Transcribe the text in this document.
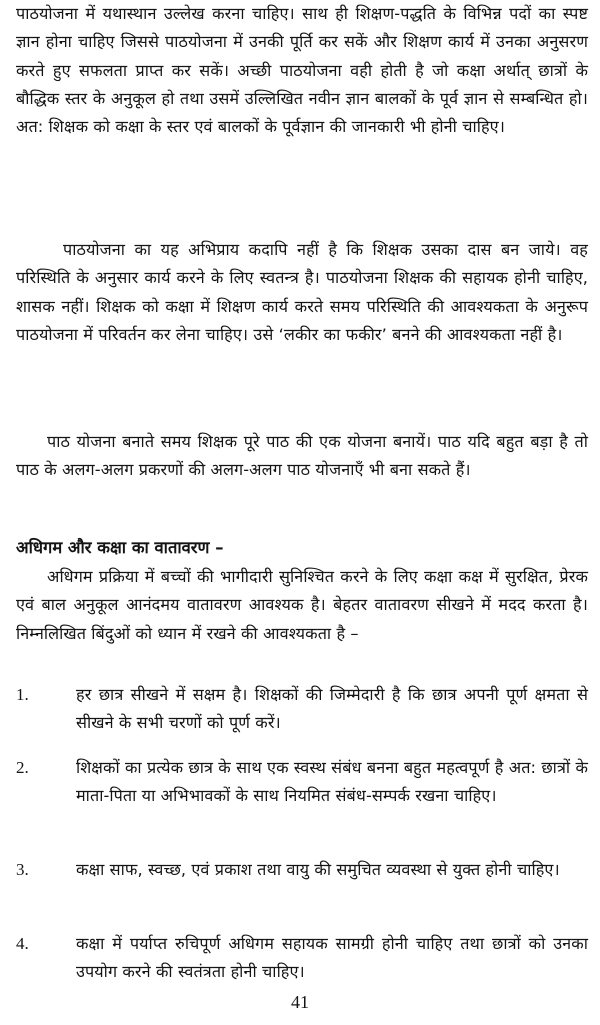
पाठयोजना में यथास्थान उल्लेख करना चाहिए। साथ ही शिक्षण-पद्धति के विभिन्न पदों का स्पष्ट ज्ञान होना चाहिए जिससे पाठयोजना में उनकी पूर्ति कर सकें और शिक्षण कार्य में उनका अनुसरण करते हुए सफलता प्राप्त कर सकें। अच्छी पाठयोजना वही होती है जो कक्षा अर्थात् छात्रों के बौद्धिक स्तर के अनुकूल हो तथा उसमें उल्लिखित नवीन ज्ञान बालकों के पूर्व ज्ञान से सम्बन्धित हो। अत: शिक्षक को कक्षा के स्तर एवं बालकों के पूर्वज्ञान की जानकारी भी होनी चाहिए।

पाठयोजना का यह अभिप्राय कदापि नहीं है कि शिक्षक उसका दास बन जाये। वह परिस्थिति के अनुसार कार्य करने के लिए स्वतन्त्र है। पाठयोजना शिक्षक की सहायक होनी चाहिए, शासक नहीं। शिक्षक को कक्षा में शिक्षण कार्य करते समय परिस्थिति की आवश्यकता के अनुरूप पाठयोजना में परिवर्तन कर लेना चाहिए। उसे ‘लकीर का फकीर’ बनने की आवश्यकता नहीं है।

पाठ योजना बनाते समय शिक्षक पूरे पाठ की एक योजना बनायें। पाठ यदि बहुत बड़ा है तो पाठ के अलग-अलग प्रकरणों की अलग-अलग पाठ योजनाएँ भी बना सकते हैं।

अधिगम और कक्षा का वातावरण –

अधिगम प्रक्रिया में बच्चों की भागीदारी सुनिश्चित करने के लिए कक्षा कक्ष में सुरक्षित, प्रेरक एवं बाल अनुकूल आनंदमय वातावरण आवश्यक है। बेहतर वातावरण सीखने में मदद करता है। निम्नलिखित बिंदुओं को ध्यान में रखने की आवश्यकता है –

1.	हर छात्र सीखने में सक्षम है। शिक्षकों की जिम्मेदारी है कि छात्र अपनी पूर्ण क्षमता से सीखने के सभी चरणों को पूर्ण करें।

2.	शिक्षकों का प्रत्येक छात्र के साथ एक स्वस्थ संबंध बनना बहुत महत्वपूर्ण है अत: छात्रों के माता-पिता या अभिभावकों के साथ नियमित संबंध-सम्पर्क रखना चाहिए।

3.	कक्षा साफ, स्वच्छ, एवं प्रकाश तथा वायु की समुचित व्यवस्था से युक्त होनी चाहिए।

4.	कक्षा में पर्याप्त रुचिपूर्ण अधिगम सहायक सामग्री होनी चाहिए तथा छात्रों को उनका उपयोग करने की स्वतंत्रता होनी चाहिए।

41
